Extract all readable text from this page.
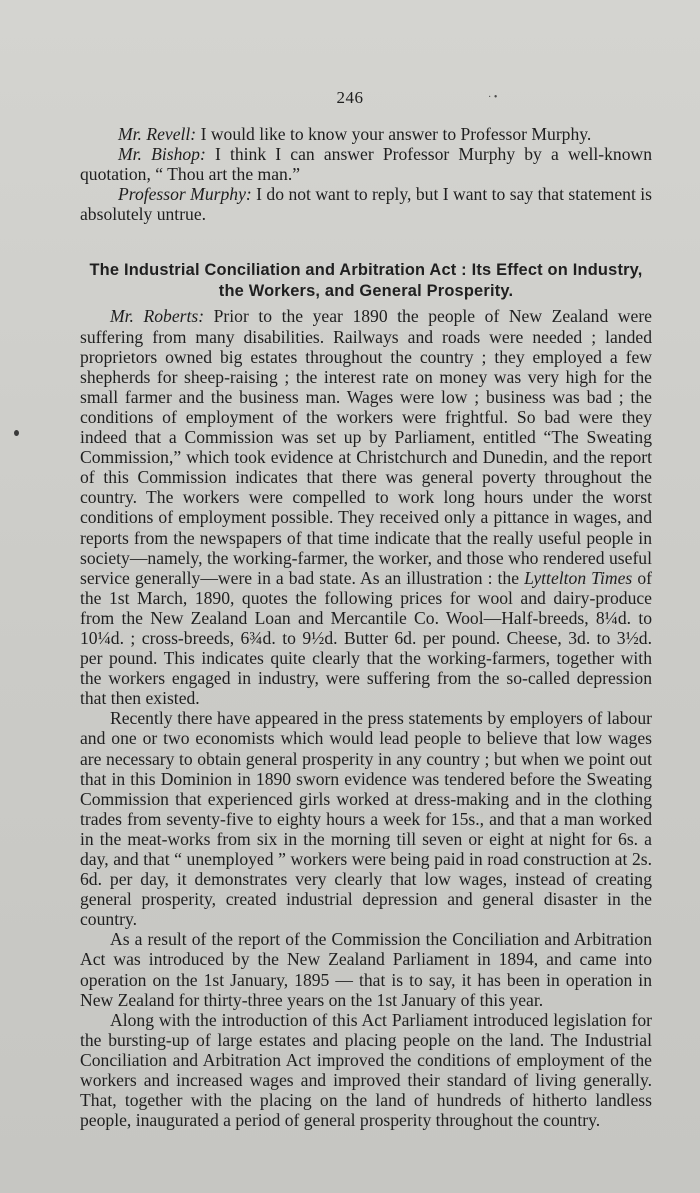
246	· •

Mr. Revell: I would like to know your answer to Professor Murphy.

Mr. Bishop: I think I can answer Professor Murphy by a well-known quotation, “ Thou art the man.”

Professor Murphy: I do not want to reply, but I want to say that statement is absolutely untrue.

The Industrial Conciliation and Arbitration Act : Its Effect on Industry,
the Workers, and General Prosperity.

Mr. Roberts: Prior to the year 1890 the people of New Zealand were suffering from many disabilities. Railways and roads were needed ; landed proprietors owned big estates throughout the country ; they employed a few shepherds for sheep-raising ; the interest rate on money was very high for the small farmer and the business man. Wages were low ; business was bad ; the conditions of employment of the workers were frightful. So bad were they indeed that a Commission was set up by Parliament, entitled “The Sweating Commission,” which took evidence at Christchurch and Dunedin, and the report of this Commission indicates that there was general poverty throughout the country. The workers were compelled to work long hours under the worst conditions of employment possible. They received only a pittance in wages, and reports from the newspapers of that time indicate that the really useful people in society—namely, the working-farmer, the worker, and those who rendered useful service generally—were in a bad state. As an illustration : the Lyttelton Times of the 1st March, 1890, quotes the following prices for wool and dairy-produce from the New Zealand Loan and Mercantile Co. Wool—Half-breeds, 8¼d. to 10¼d. ; cross-breeds, 6¾d. to 9½d. Butter 6d. per pound. Cheese, 3d. to 3½d. per pound. This indicates quite clearly that the working-farmers, together with the workers engaged in industry, were suffering from the so-called depression that then existed.

Recently there have appeared in the press statements by employers of labour and one or two economists which would lead people to believe that low wages are necessary to obtain general prosperity in any country ; but when we point out that in this Dominion in 1890 sworn evidence was tendered before the Sweating Commission that experienced girls worked at dress-making and in the clothing trades from seventy-five to eighty hours a week for 15s., and that a man worked in the meat-works from six in the morning till seven or eight at night for 6s. a day, and that “ unemployed ” workers were being paid in road construction at 2s. 6d. per day, it demonstrates very clearly that low wages, instead of creating general prosperity, created industrial depression and general disaster in the country.

As a result of the report of the Commission the Conciliation and Arbitration Act was introduced by the New Zealand Parliament in 1894, and came into operation on the 1st January, 1895 — that is to say, it has been in operation in New Zealand for thirty-three years on the 1st January of this year.

Along with the introduction of this Act Parliament introduced legislation for the bursting-up of large estates and placing people on the land. The Industrial Conciliation and Arbitration Act improved the conditions of employment of the workers and increased wages and improved their standard of living generally. That, together with the placing on the land of hundreds of hitherto landless people, inaugurated a period of general prosperity throughout the country.
